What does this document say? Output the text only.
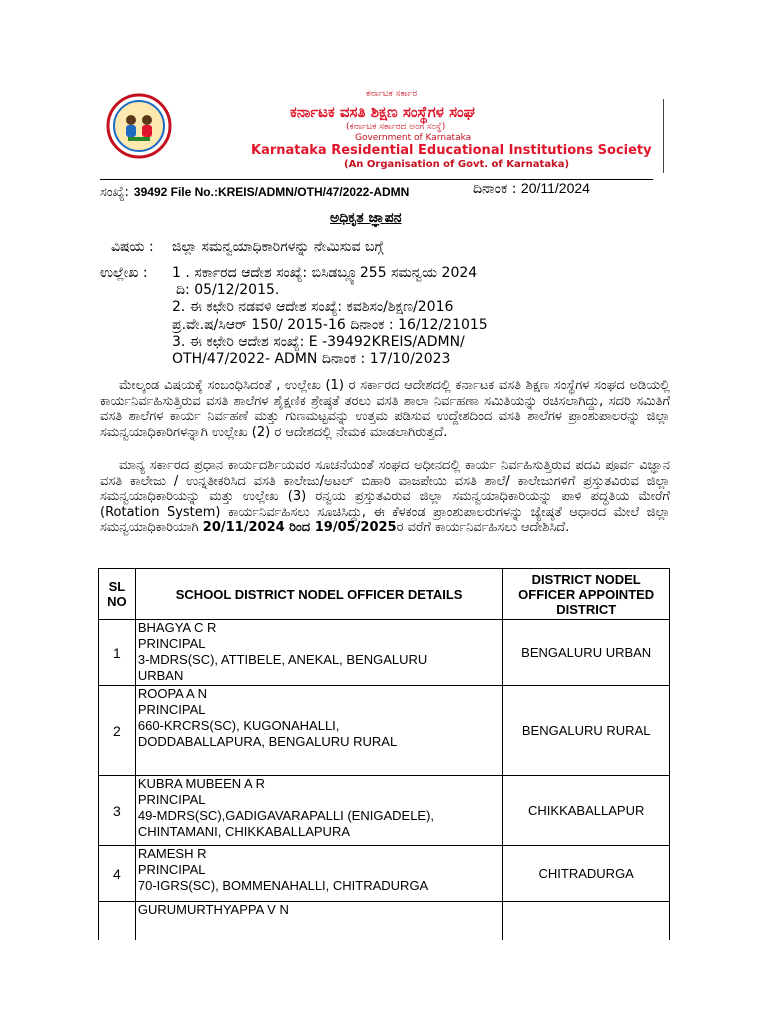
ಕರ್ನಾಟಕ ಸರ್ಕಾರ
ಕರ್ನಾಟಕ ವಸತಿ ಶಿಕ್ಷಣ ಸಂಸ್ಥೆಗಳ ಸಂಘ
(ಕರ್ನಾಟಕ ಸರ್ಕಾರದ ಅಂಗ ಸಂಸ್ಥೆ)
Government of Karnataka
Karnataka Residential Educational Institutions Society
(An Organisation of Govt. of Karnataka)
ಸಂಖ್ಯೆ: 39492 File No.:KREIS/ADMN/OTH/47/2022-ADMN	ದಿನಾಂಕ : 20/11/2024
ಅಧಿಕೃತ ಜ್ಞಾಪನ
ವಿಷಯ : ಜಿಲ್ಲಾ ಸಮನ್ವಯಾಧಿಕಾರಿಗಳನ್ನು ನೇಮಿಸುವ ಬಗ್ಗೆ
ಉಲ್ಲೇಖ : 1 . ಸರ್ಕಾರದ ಆದೇಶ ಸಂಖ್ಯೆ: ಬಿಸಿಡಬ್ಲ್ಯೂ255 ಸಮನ್ವಯ 2024
ದಿ: 05/12/2015.
2. ಈ ಕಛೇರಿ ನಡವಳಿ ಆದೇಶ ಸಂಖ್ಯೆ: ಕವಶಿಸಂ/ಶಿಕ್ಷಣ/2016
ಪ್ರ.ವೇ.ಷ/ಸಿಆರ್ 150/ 2015-16 ದಿನಾಂಕ : 16/12/21015
3. ಈ ಕಛೇರಿ ಆದೇಶ ಸಂಖ್ಯೆ: E -39492KREIS/ADMN/
OTH/47/2022- ADMN ದಿನಾಂಕ : 17/10/2023
ಮೇಲ್ಕಂಡ ವಿಷಯಕ್ಕೆ ಸಂಬಂಧಿಸಿದಂತೆ , ಉಲ್ಲೇಖ (1) ರ ಸರ್ಕಾರದ ಆದೇಶದಲ್ಲಿ ಕರ್ನಾಟಕ ವಸತಿ ಶಿಕ್ಷಣ ಸಂಸ್ಥೆಗಳ ಸಂಘದ ಅಡಿಯಲ್ಲಿ ಕಾರ್ಯನಿರ್ವಹಿಸುತ್ತಿರುವ ವಸತಿ ಶಾಲೆಗಳ ಶೈಕ್ಷಣಿಕ ಶ್ರೇಷ್ಠತೆ ತರಲು ವಸತಿ ಶಾಲಾ ನಿರ್ವಹಣಾ ಸಮಿತಿಯನ್ನು ರಚಿಸಲಾಗಿದ್ದು, ಸದರಿ ಸಮಿತಿಗೆ ವಸತಿ ಶಾಲೆಗಳ ಕಾರ್ಯ ನಿರ್ವಹಣೆ ಮತ್ತು ಗುಣಮಟ್ಟವನ್ನು ಉತ್ತಮ ಪಡಿಸುವ ಉದ್ದೇಶದಿಂದ ವಸತಿ ಶಾಲೆಗಳ ಪ್ರಾಂಶುಪಾಲರನ್ನು ಜಿಲ್ಲಾ ಸಮನ್ವಯಾಧಿಕಾರಿಗಳನ್ನಾಗಿ ಉಲ್ಲೇಖ (2) ರ ಆದೇಶದಲ್ಲಿ ನೇಮಕ ಮಾಡಲಾಗಿರುತ್ತದೆ.
ಮಾನ್ಯ ಸರ್ಕಾರದ ಪ್ರಧಾನ ಕಾರ್ಯದರ್ಶಿಯವರ ಸೂಚನೆಯಂತೆ ಸಂಘದ ಅಧೀನದಲ್ಲಿ ಕಾರ್ಯ ನಿರ್ವಹಿಸುತ್ತಿರುವ ಪದವಿ ಪೂರ್ವ ವಿಜ್ಞಾನ ವಸತಿ ಕಾಲೇಜು / ಉನ್ನತೀಕರಿಸಿದ ವಸತಿ ಕಾಲೇಜು/ಅಟಲ್ ಬಿಹಾರಿ ವಾಜಪೇಯಿ ವಸತಿ ಶಾಲೆ/ ಕಾಲೇಜುಗಳಿಗೆ ಪ್ರಸ್ತುತವಿರುವ ಜಿಲ್ಲಾ ಸಮನ್ವಯಾಧಿಕಾರಿಯನ್ನು ಮತ್ತು ಉಲ್ಲೇಖ (3) ರನ್ವಯ ಪ್ರಸ್ತುತವಿರುವ ಜಿಲ್ಲಾ ಸಮನ್ವಯಾಧಿಕಾರಿಯನ್ನು ಪಾಳಿ ಪದ್ಧತಿಯ ಮೇರೆಗೆ (Rotation System) ಕಾರ್ಯನಿರ್ವಹಿಸಲು ಸೂಚಿಸಿದ್ದು, ಈ ಕೆಳಕಂಡ ಪ್ರಾಂಶುಪಾಲರುಗಳನ್ನು ಜ್ಯೇಷ್ಠತೆ ಆಧಾರದ ಮೇಲೆ ಜಿಲ್ಲಾ ಸಮನ್ವಯಾಧಿಕಾರಿಯಾಗಿ 20/11/2024 ರಿಂದ 19/05/2025ರ ವರೆಗೆ ಕಾರ್ಯನಿರ್ವಹಿಸಲು ಆದೇಶಿಸಿದೆ.
SL NO	SCHOOL DISTRICT NODEL OFFICER DETAILS	DISTRICT NODEL OFFICER APPOINTED DISTRICT
1	BHAGYA C R
PRINCIPAL
3-MDRS(SC), ATTIBELE, ANEKAL, BENGALURU
URBAN	BENGALURU URBAN
2	ROOPA A N
PRINCIPAL
660-KRCRS(SC), KUGONAHALLI,
DODDABALLAPURA, BENGALURU RURAL	BENGALURU RURAL
3	KUBRA MUBEEN A R
PRINCIPAL
49-MDRS(SC),GADIGAVARAPALLI (ENIGADELE),
CHINTAMANI, CHIKKABALLAPURA	CHIKKABALLAPUR
4	RAMESH R
PRINCIPAL
70-IGRS(SC), BOMMENAHALLI, CHITRADURGA	CHITRADURGA

	GURUMURTHYAPPA V N	
